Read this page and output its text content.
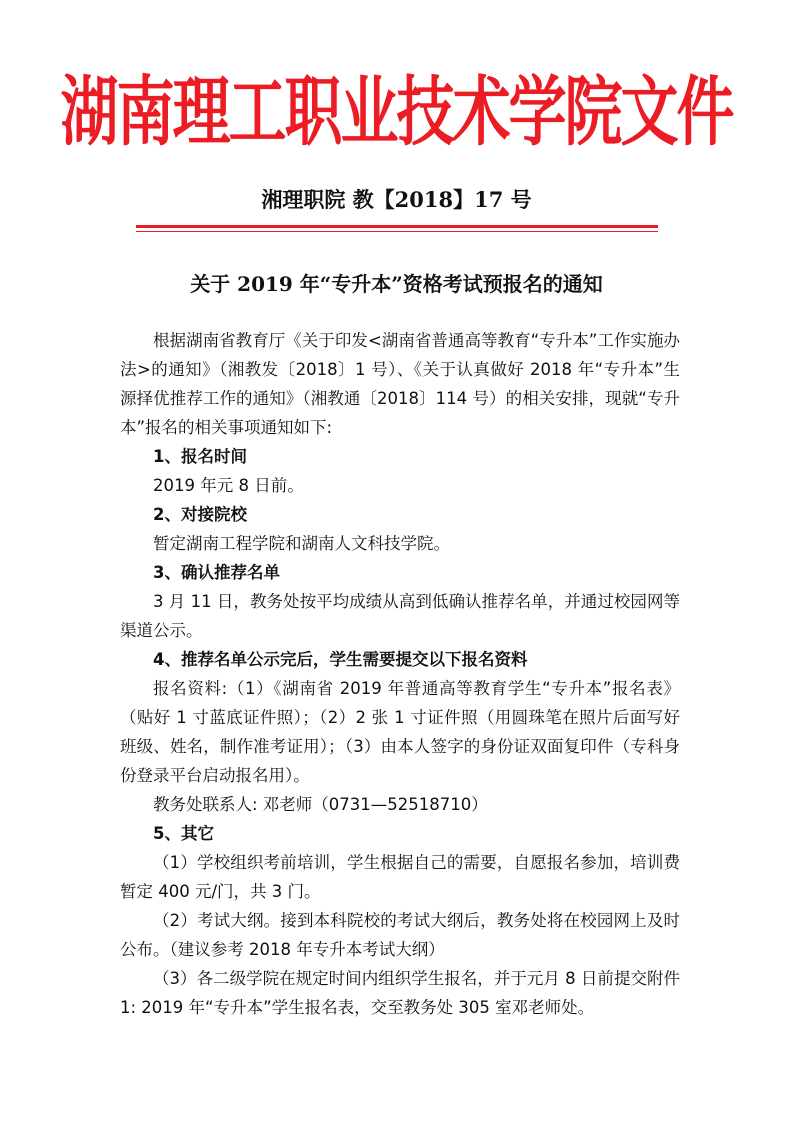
湖南理工职业技术学院文件
湘理职院 教【2018】17 号
关于 2019 年“专升本”资格考试预报名的通知

根据湖南省教育厅《关于印发<湖南省普通高等教育“专升本”工作实施办法>的通知》（湘教发〔2018〕1 号）、《关于认真做好 2018 年“专升本”生源择优推荐工作的通知》（湘教通〔2018〕114 号）的相关安排，现就“专升本”报名的相关事项通知如下:

1、报名时间

2019 年元 8 日前。

2、对接院校

暂定湖南工程学院和湖南人文科技学院。

3、确认推荐名单

3 月 11 日，教务处按平均成绩从高到低确认推荐名单，并通过校园网等渠道公示。

4、推荐名单公示完后，学生需要提交以下报名资料

报名资料:（1）《湖南省 2019 年普通高等教育学生“专升本”报名表》（贴好 1 寸蓝底证件照）；（2）2 张 1 寸证件照（用圆珠笔在照片后面写好班级、姓名，制作准考证用）；（3）由本人签字的身份证双面复印件（专科身份登录平台启动报名用）。

教务处联系人: 邓老师（0731—52518710）

5、其它

（1）学校组织考前培训，学生根据自己的需要，自愿报名参加，培训费暂定 400 元/门，共 3 门。

（2）考试大纲。接到本科院校的考试大纲后，教务处将在校园网上及时公布。（建议参考 2018 年专升本考试大纲）

（3）各二级学院在规定时间内组织学生报名，并于元月 8 日前提交附件 1: 2019 年“专升本”学生报名表，交至教务处 305 室邓老师处。
